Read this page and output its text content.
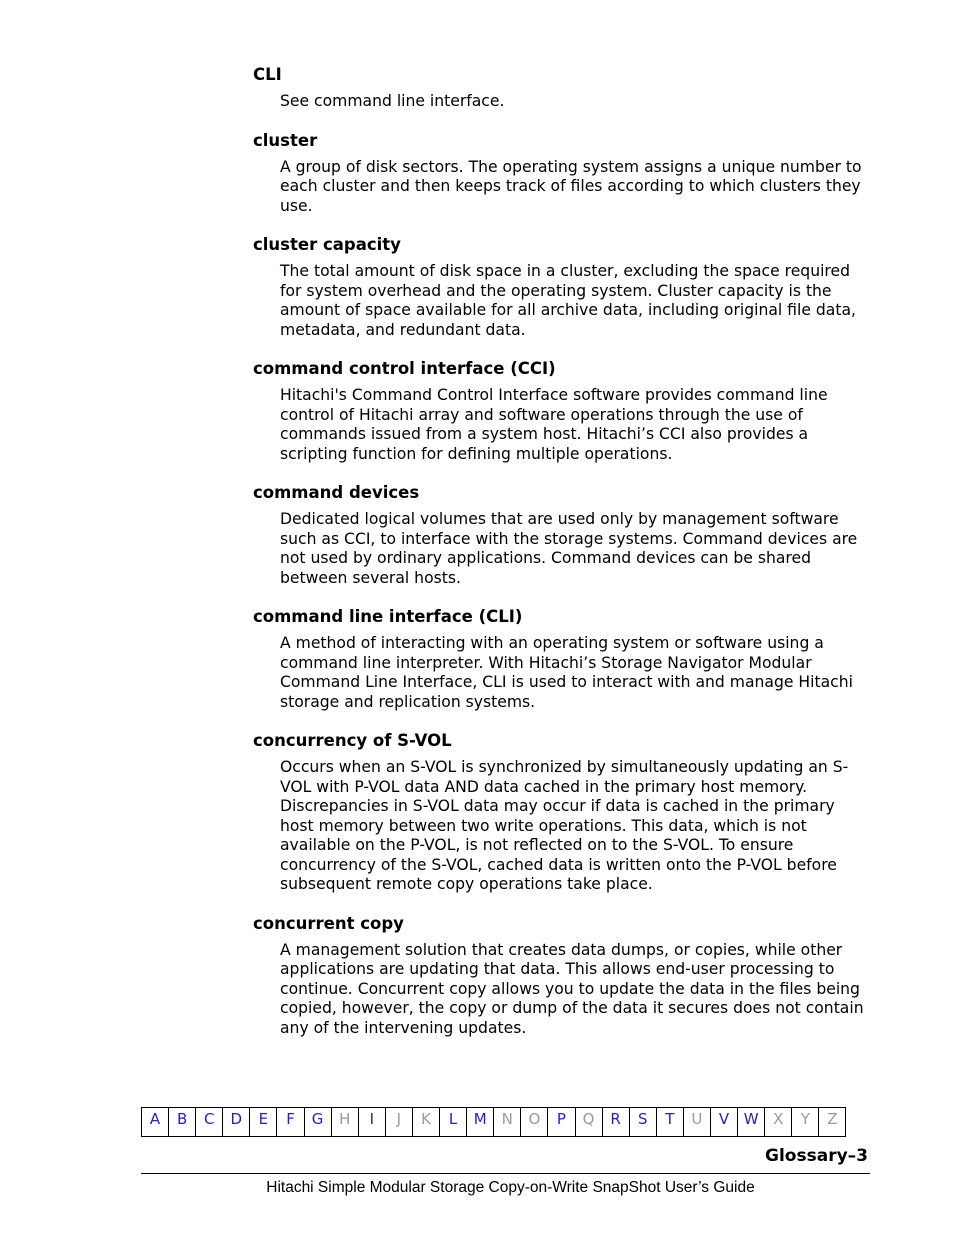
CLI
See command line interface.
cluster
A group of disk sectors. The operating system assigns a unique number to each cluster and then keeps track of files according to which clusters they use.
cluster capacity
The total amount of disk space in a cluster, excluding the space required for system overhead and the operating system. Cluster capacity is the amount of space available for all archive data, including original file data, metadata, and redundant data.
command control interface (CCI)
Hitachi's Command Control Interface software provides command line control of Hitachi array and software operations through the use of commands issued from a system host. Hitachi’s CCI also provides a scripting function for defining multiple operations.
command devices
Dedicated logical volumes that are used only by management software such as CCI, to interface with the storage systems. Command devices are not used by ordinary applications. Command devices can be shared between several hosts.
command line interface (CLI)
A method of interacting with an operating system or software using a command line interpreter. With Hitachi’s Storage Navigator Modular Command Line Interface, CLI is used to interact with and manage Hitachi storage and replication systems.
concurrency of S-VOL
Occurs when an S-VOL is synchronized by simultaneously updating an S-VOL with P-VOL data AND data cached in the primary host memory. Discrepancies in S-VOL data may occur if data is cached in the primary host memory between two write operations. This data, which is not available on the P-VOL, is not reflected on to the S-VOL. To ensure concurrency of the S-VOL, cached data is written onto the P-VOL before subsequent remote copy operations take place.
concurrent copy
A management solution that creates data dumps, or copies, while other applications are updating that data. This allows end-user processing to continue. Concurrent copy allows you to update the data in the files being copied, however, the copy or dump of the data it secures does not contain any of the intervening updates.
A	B	C	D	E	F	G	H	I	J	K	L	M	N	O	P	Q	R	S	T	U	V W X	Y	Z
Glossary–3
Hitachi Simple Modular Storage Copy-on-Write SnapShot User’s Guide
